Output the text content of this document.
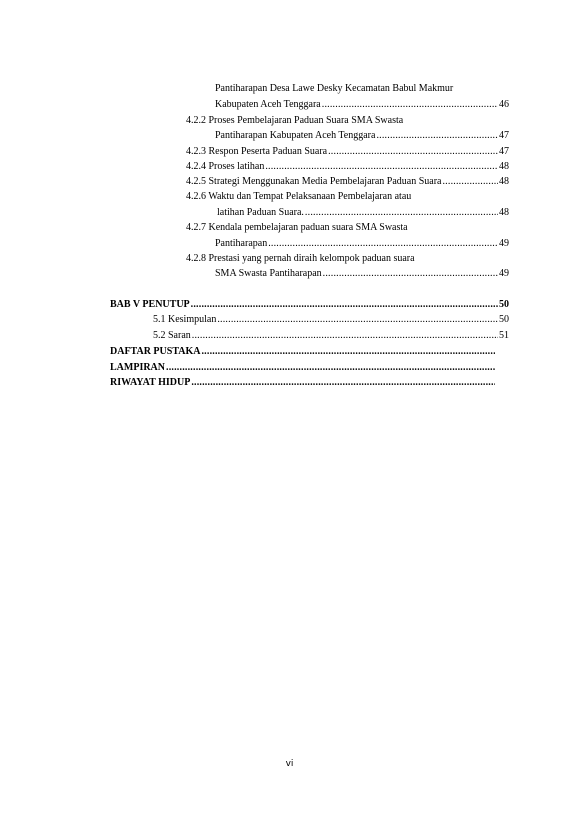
Pantiharapan Desa Lawe Desky Kecamatan Babul Makmur
Kabupaten Aceh Tenggara .....	46
4.2.2 Proses Pembelajaran Paduan Suara SMA Swasta
Pantiharapan Kabupaten Aceh Tenggara .....	47
4.2.3 Respon Peserta Paduan Suara .....	47
4.2.4 Proses latihan .....	48
4.2.5 Strategi Menggunakan Media Pembelajaran Paduan Suara .....	48
4.2.6 Waktu dan Tempat Pelaksanaan Pembelajaran atau
latihan Paduan Suara. .....	48
4.2.7 Kendala pembelajaran paduan suara SMA Swasta
Pantiharapan .....	49
4.2.8 Prestasi yang pernah diraih kelompok paduan suara
SMA Swasta Pantiharapan .....	49
BAB V PENUTUP .....	50
5.1 Kesimpulan .....	50
5.2 Saran .....	51
DAFTAR PUSTAKA
.....
LAMPIRAN
.....
RIWAYAT HIDUP
.....
vi
